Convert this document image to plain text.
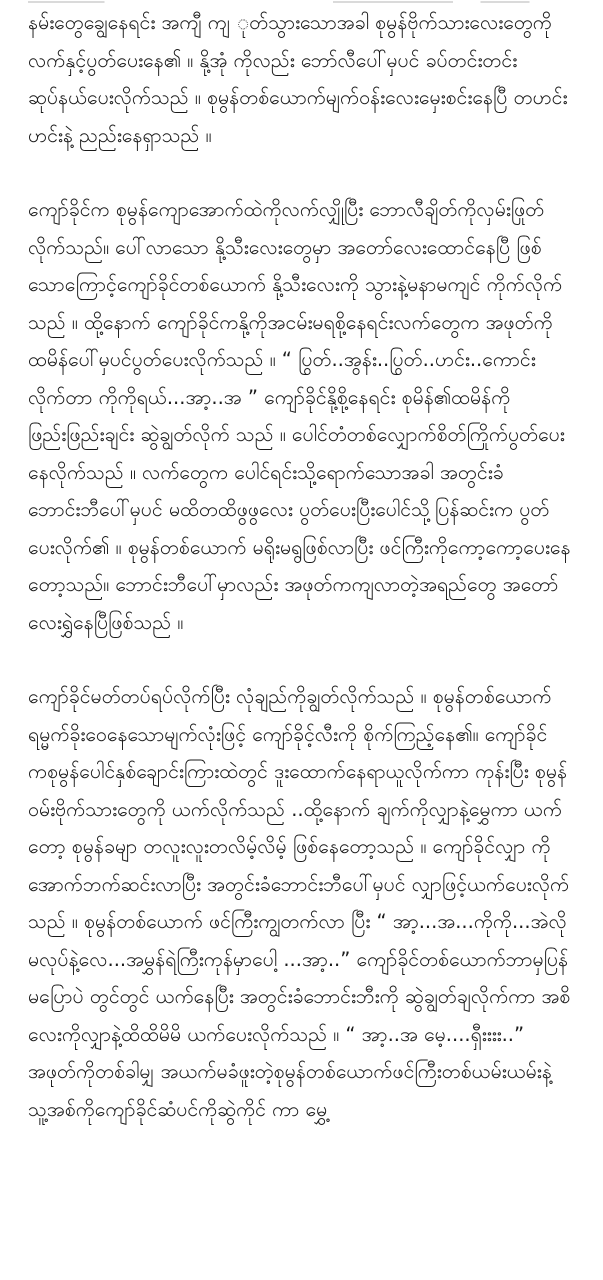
နမ်းတွေချွေနေရင်း အကျီ ကျ ုတ်သွားသောအခါ စုမွန်ဗိုက်သားလေးတွေကို လက်နှင့်ပွတ်ပေးနေ၏ ။ နို့အုံ ကိုလည်း ဘော်လီပေါ်မှပင် ခပ်တင်းတင်းဆုပ်နယ်ပေးလိုက်သည် ။ စုမွန်တစ်ယောက်မျက်ဝန်းလေးမှေးစင်းနေပြီ တဟင်းဟင်းနဲ့ ညည်းနေရှာသည် ။

ကျော်ခိုင်က စုမွန်ကျောအောက်ထဲကိုလက်လျှိုပြီး ဘောလီချိတ်ကိုလှမ်းဖြုတ်လိုက်သည်။ ပေါ်လာသော နို့သီးလေးတွေမှာ အတော်လေးထောင်နေပြီ ဖြစ်သောကြောင့်ကျော်ခိုင်တစ်ယောက် နို့သီးလေးကို သွားနဲ့မနာမကျင် ကိုက်လိုက်သည် ။ ထို့နောက် ကျော်ခိုင်ကနို့ကိုအငမ်းမရစို့နေရင်းလက်တွေက အဖုတ်ကို ထမိန်ပေါ်မှပင်ပွတ်ပေးလိုက်သည် ။ “ ပြွတ်..အွန်း..ပြွတ်..ဟင်း..ကောင်းလိုက်တာ ကိုကိုရယ်...အာ့..အ ” ကျော်ခိုင်နို့စို့နေရင်း စုမိန်၏ထမိန်ကိုဖြည်းဖြည်းချင်း ဆွဲချွတ်လိုက် သည် ။ ပေါင်တံတစ်လျှောက်စိတ်ကြိုက်ပွတ်ပေးနေလိုက်သည် ။ လက်တွေက ပေါင်ရင်းသို့ရောက်သောအခါ အတွင်းခံ ဘောင်းဘီပေါ်မှပင် မထိတထိဖွဖွလေး ပွတ်ပေးပြီးပေါင်သို့ပြန်ဆင်းက ပွတ်ပေးလိုက်၏ ။ စုမွန်တစ်ယောက် မရိုးမရွဖြစ်လာပြီး ဖင်ကြီးကိုကော့ကော့ပေးနေတော့သည်။ ဘောင်းဘီပေါ်မှာလည်း အဖုတ်ကကျလာတဲ့အရည်တွေ အတော်လေးရွှဲနေပြီဖြစ်သည် ။

ကျော်ခိုင်မတ်တပ်ရပ်လိုက်ပြီး လုံချည်ကိုချွတ်လိုက်သည် ။ စုမွန်တစ်ယောက် ရမ္မက်ခိုးဝေနေသောမျက်လုံးဖြင့် ကျော်ခိုင့်လီးကို စိုက်ကြည့်နေ၏။ ကျော်ခိုင်ကစုမွန်ပေါင်နှစ်ချောင်းကြားထဲတွင် ဒူးထောက်နေရာယူလိုက်ကာ ကုန်းပြီး စုမွန်ဝမ်းဗိုက်သားတွေကို ယက်လိုက်သည် ..ထို့နောက် ချက်ကိုလျှာနဲ့မွှေကာ ယက်တော့ စုမွန်ခမျာ တလူးလူးတလိမ့်လိမ့် ဖြစ်နေတော့သည် ။ ကျော်ခိုင်လျှာ ကို အောက်ဘက်ဆင်းလာပြီး အတွင်းခံဘောင်းဘီပေါ်မှပင် လျှာဖြင့်ယက်ပေးလိုက်သည် ။ စုမွန်တစ်ယောက် ဖင်ကြီးကျွတက်လာ ပြီး “ အာ့...အ...ကိုကို...အဲလိုမလုပ်နဲ့လေ...အမွှန်ရဲကြီးကုန်မှာပေါ့ ...အာ့..” ကျော်ခိုင်တစ်ယောက်ဘာမှပြန်မပြောပဲ တွင်တွင် ယက်နေပြီး အတွင်းခံဘောင်းဘီးကို ဆွဲချွတ်ချလိုက်ကာ အစိလေးကိုလျှာနဲ့ထိထိမိမိ ယက်ပေးလိုက်သည် ။ “ အာ့..အ မေ့....ရှီးးးး..” အဖုတ်ကိုတစ်ခါမျှ အယက်မခံဖူးတဲ့စုမွန်တစ်ယောက်ဖင်ကြီးတစ်ယမ်းယမ်းနဲ့ သူ့အစ်ကိုကျော်ခိုင်ဆံပင်ကိုဆွဲကိုင် ကာ မွှေ့
